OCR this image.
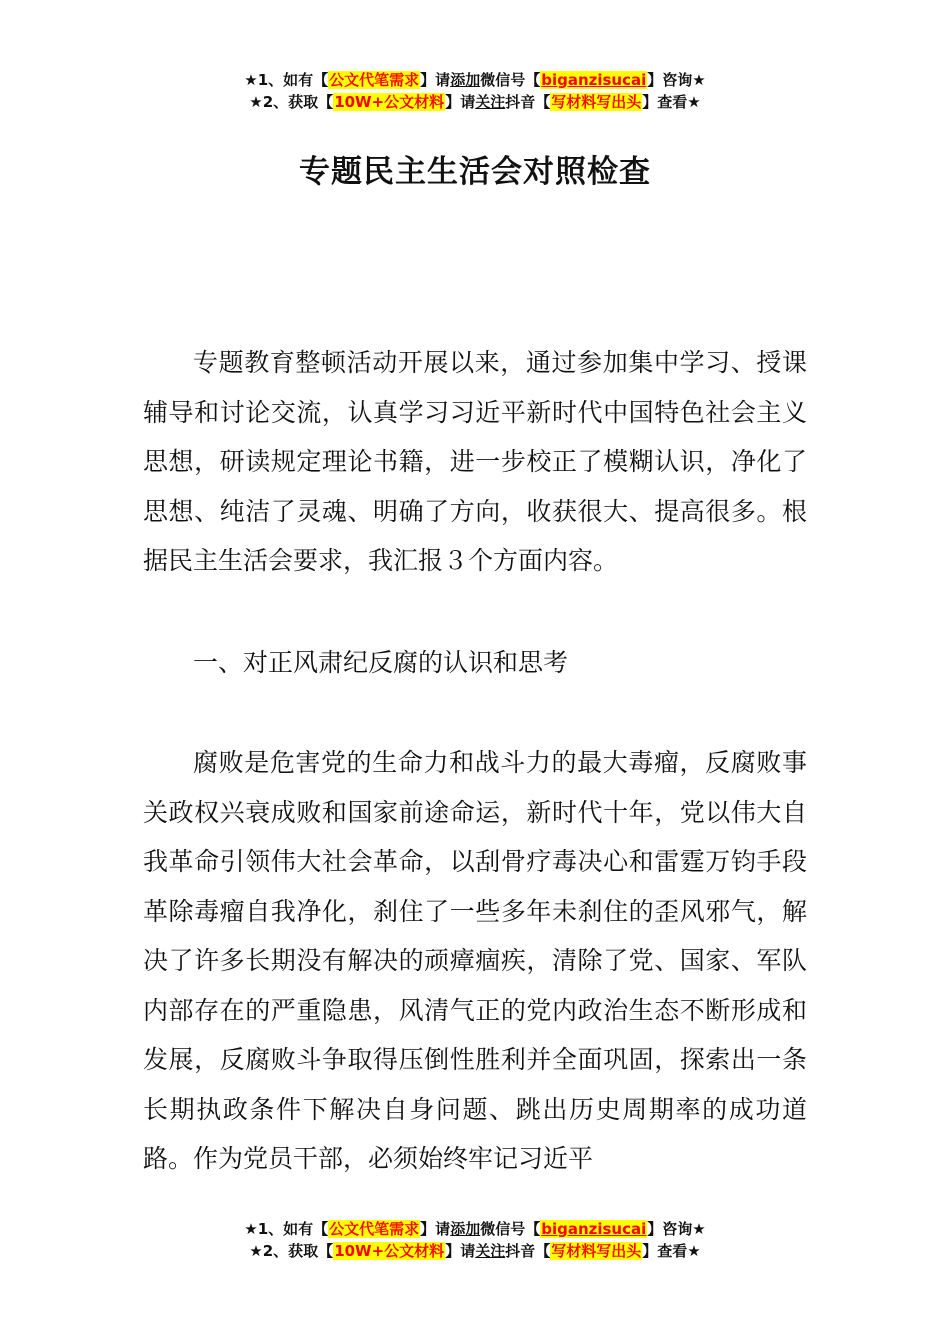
★1、如有【公文代笔需求】请添加微信号【biganzisucai】咨询★
★2、获取【10W+公文材料】请关注抖音【写材料写出头】查看★
专题民主生活会对照检查

专题教育整顿活动开展以来，通过参加集中学习、授课辅导和讨论交流，认真学习习近平新时代中国特色社会主义思想，研读规定理论书籍，进一步校正了模糊认识，净化了思想、纯洁了灵魂、明确了方向，收获很大、提高很多。根据民主生活会要求，我汇报３个方面内容。

一、对正风肃纪反腐的认识和思考

腐败是危害党的生命力和战斗力的最大毒瘤，反腐败事关政权兴衰成败和国家前途命运，新时代十年，党以伟大自我革命引领伟大社会革命，以刮骨疗毒决心和雷霆万钧手段革除毒瘤自我净化，刹住了一些多年未刹住的歪风邪气，解决了许多长期没有解决的顽瘴痼疾，清除了党、国家、军队内部存在的严重隐患，风清气正的党内政治生态不断形成和发展，反腐败斗争取得压倒性胜利并全面巩固，探索出一条长期执政条件下解决自身问题、跳出历史周期率的成功道路。作为党员干部，必须始终牢记习近平

★1、如有【公文代笔需求】请添加微信号【biganzisucai】咨询★
★2、获取【10W+公文材料】请关注抖音【写材料写出头】查看★
